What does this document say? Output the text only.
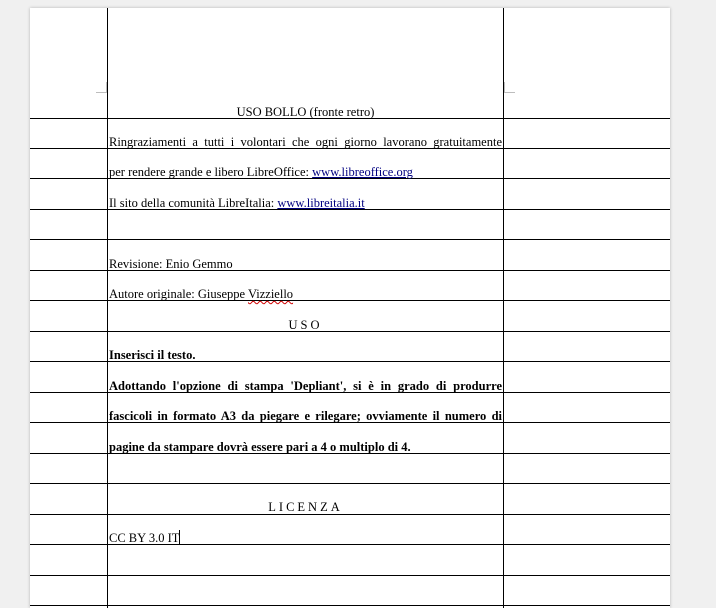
USO BOLLO (fronte retro)
Ringraziamenti a tutti i volontari che ogni giorno lavorano gratuitamente
per rendere grande e libero LibreOffice: www.libreoffice.org
Il sito della comunità LibreItalia: www.libreitalia.it
Revisione: Enio Gemmo
Autore originale: Giuseppe Vizziello
USO
Inserisci il testo.
Adottando l'opzione di stampa 'Depliant', si è in grado di produrre
fascicoli in formato A3 da piegare e rilegare; ovviamente il numero di
pagine da stampare dovrà essere pari a 4 o multiplo di 4.
LICENZA
CC BY 3.0 IT
